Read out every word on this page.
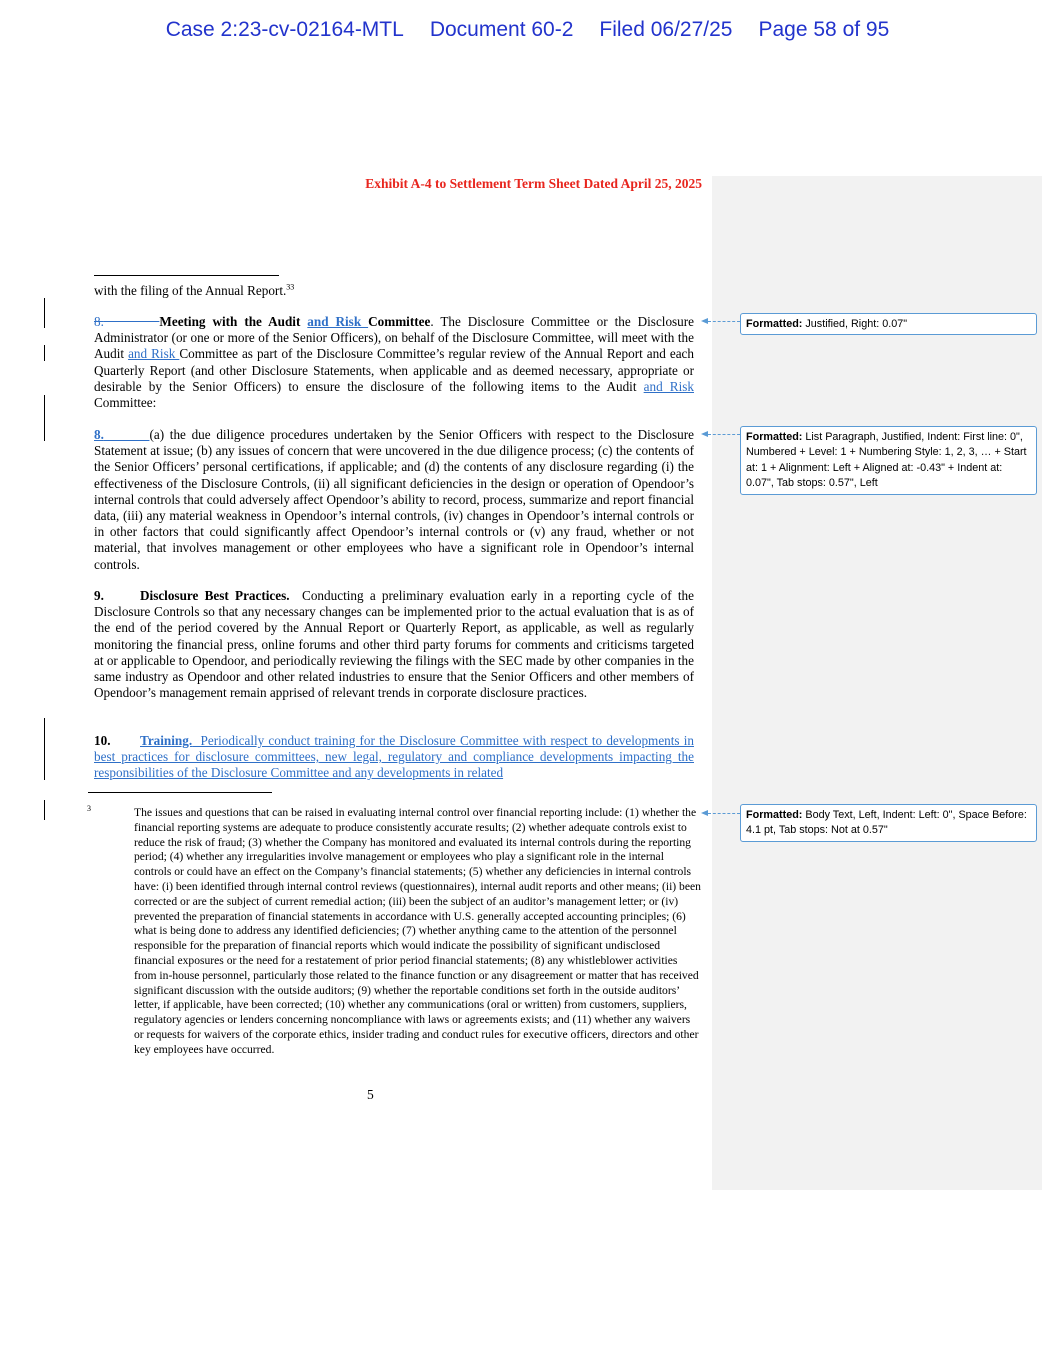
Case 2:23-cv-02164-MTL Document 60-2 Filed 06/27/25 Page 58 of 95
Exhibit A-4 to Settlement Term Sheet Dated April 25, 2025
with the filing of the Annual Report.$^{33}$
8.	Meeting with the Audit and Risk Committee. The Disclosure Committee or the Disclosure Administrator (or one or more of the Senior Officers), on behalf of the Disclosure Committee, will meet with the Audit and Risk Committee as part of the Disclosure Committee’s regular review of the Annual Report and each Quarterly Report (and other Disclosure Statements, when applicable and as deemed necessary, appropriate or desirable by the Senior Officers) to ensure the disclosure of the following items to the Audit and Risk Committee:
8.	(a) the due diligence procedures undertaken by the Senior Officers with respect to the Disclosure Statement at issue; (b) any issues of concern that were uncovered in the due diligence process; (c) the contents of the Senior Officers’ personal certifications, if applicable; and (d) the contents of any disclosure regarding (i) the effectiveness of the Disclosure Controls, (ii) all significant deficiencies in the design or operation of Opendoor’s internal controls that could adversely affect Opendoor’s ability to record, process, summarize and report financial data, (iii) any material weakness in Opendoor’s internal controls, (iv) changes in Opendoor’s internal controls or in other factors that could significantly affect Opendoor’s internal controls or (v) any fraud, whether or not material, that involves management or other employees who have a significant role in Opendoor’s internal controls.
9.	Disclosure Best Practices. Conducting a preliminary evaluation early in a reporting cycle of the Disclosure Controls so that any necessary changes can be implemented prior to the actual evaluation that is as of the end of the period covered by the Annual Report or Quarterly Report, as applicable, as well as regularly monitoring the financial press, online forums and other third party forums for comments and criticisms targeted at or applicable to Opendoor, and periodically reviewing the filings with the SEC made by other companies in the same industry as Opendoor and other related industries to ensure that the Senior Officers and other members of Opendoor’s management remain apprised of relevant trends in corporate disclosure practices.
10. Training. Periodically conduct training for the Disclosure Committee with respect to developments in best practices for disclosure committees, new legal, regulatory and compliance developments impacting the responsibilities of the Disclosure Committee and any developments in related
3	The issues and questions that can be raised in evaluating internal control over financial reporting include: (1) whether the financial reporting systems are adequate to produce consistently accurate results; (2) whether adequate controls exist to reduce the risk of fraud; (3) whether the Company has monitored and evaluated its internal controls during the reporting period; (4) whether any irregularities involve management or employees who play a significant role in the internal controls or could have an effect on the Company’s financial statements; (5) whether any deficiencies in internal controls have: (i) been identified through internal control reviews (questionnaires), internal audit reports and other means; (ii) been corrected or are the subject of current remedial action; (iii) been the subject of an auditor’s management letter; or (iv) prevented the preparation of financial statements in accordance with U.S. generally accepted accounting principles; (6) what is being done to address any identified deficiencies; (7) whether anything came to the attention of the personnel responsible for the preparation of financial reports which would indicate the possibility of significant undisclosed financial exposures or the need for a restatement of prior period financial statements; (8) any whistleblower activities from in-house personnel, particularly those related to the finance function or any disagreement or matter that has received significant discussion with the outside auditors; (9) whether the reportable conditions set forth in the outside auditors’ letter, if applicable, have been corrected; (10) whether any communications (oral or written) from customers, suppliers, regulatory agencies or lenders concerning noncompliance with laws or agreements exists; and (11) whether any waivers or requests for waivers of the corporate ethics, insider trading and conduct rules for executive officers, directors and other key employees have occurred.
5
Formatted: Justified, Right: 0.07"
Formatted: List Paragraph, Justified, Indent: First line: 0", Numbered + Level: 1 + Numbering Style: 1, 2, 3, … + Start at: 1 + Alignment: Left + Aligned at: -0.43" + Indent at: 0.07", Tab stops: 0.57", Left
Formatted: Body Text, Left, Indent: Left: 0", Space Before: 4.1 pt, Tab stops: Not at 0.57"
